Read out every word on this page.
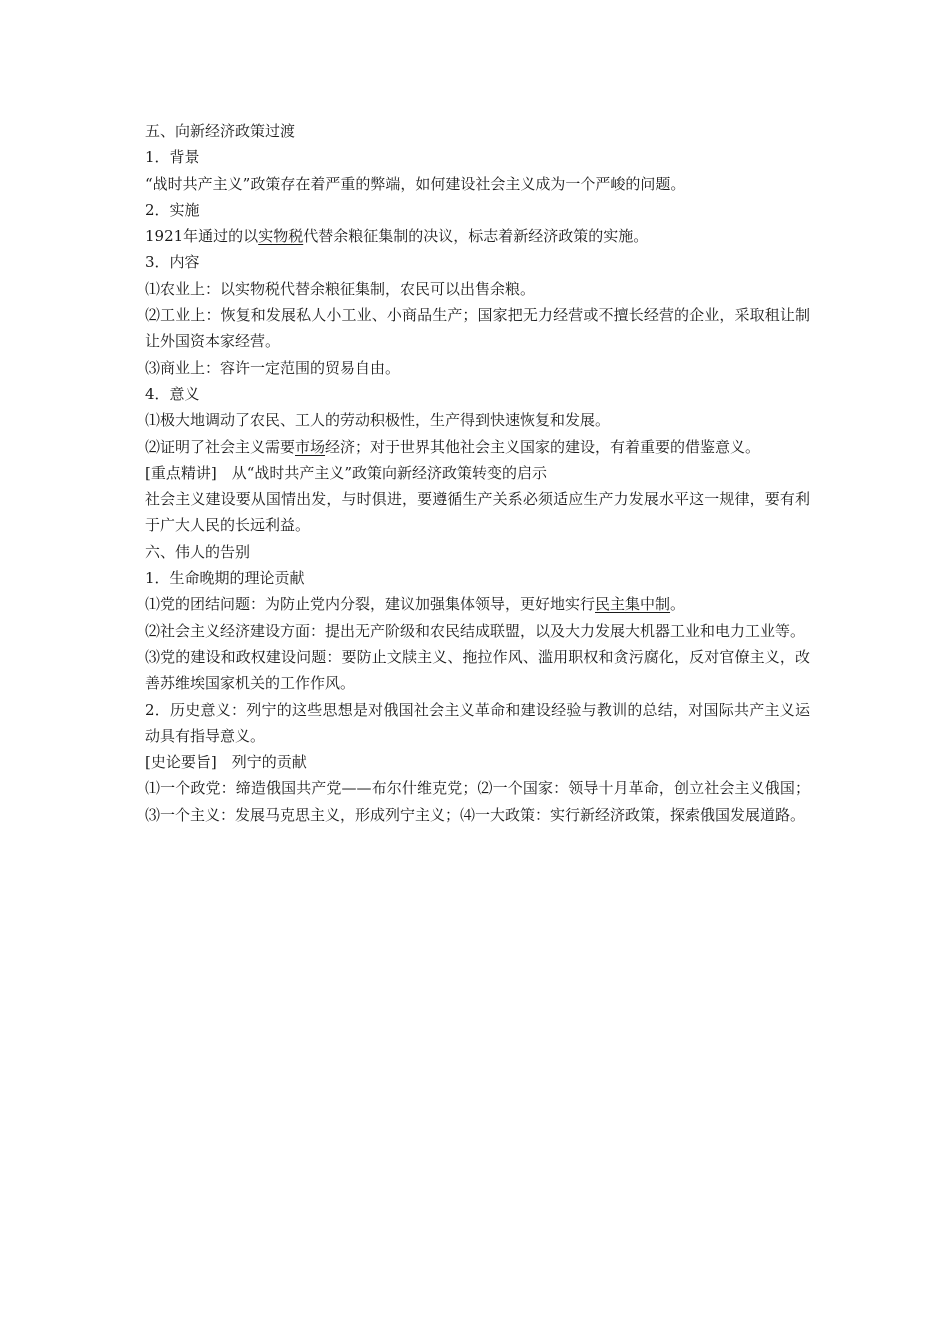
五、向新经济政策过渡

1．背景

“战时共产主义”政策存在着严重的弊端，如何建设社会主义成为一个严峻的问题。

2．实施

1921年通过的以实物税代替余粮征集制的决议，标志着新经济政策的实施。

3．内容

⑴农业上：以实物税代替余粮征集制，农民可以出售余粮。

⑵工业上：恢复和发展私人小工业、小商品生产；国家把无力经营或不擅长经营的企业，采取租让制让外国资本家经营。

⑶商业上：容许一定范围的贸易自由。

4．意义

⑴极大地调动了农民、工人的劳动积极性，生产得到快速恢复和发展。

⑵证明了社会主义需要市场经济；对于世界其他社会主义国家的建设，有着重要的借鉴意义。

[重点精讲]　从“战时共产主义”政策向新经济政策转变的启示

社会主义建设要从国情出发，与时俱进，要遵循生产关系必须适应生产力发展水平这一规律，要有利于广大人民的长远利益。

六、伟人的告别

1．生命晚期的理论贡献

⑴党的团结问题：为防止党内分裂，建议加强集体领导，更好地实行民主集中制。

⑵社会主义经济建设方面：提出无产阶级和农民结成联盟，以及大力发展大机器工业和电力工业等。

⑶党的建设和政权建设问题：要防止文牍主义、拖拉作风、滥用职权和贪污腐化，反对官僚主义，改善苏维埃国家机关的工作作风。

2．历史意义：列宁的这些思想是对俄国社会主义革命和建设经验与教训的总结，对国际共产主义运动具有指导意义。

[史论要旨]　列宁的贡献

⑴一个政党：缔造俄国共产党——布尔什维克党；⑵一个国家：领导十月革命，创立社会主义俄国；⑶一个主义：发展马克思主义，形成列宁主义；⑷一大政策：实行新经济政策，探索俄国发展道路。
